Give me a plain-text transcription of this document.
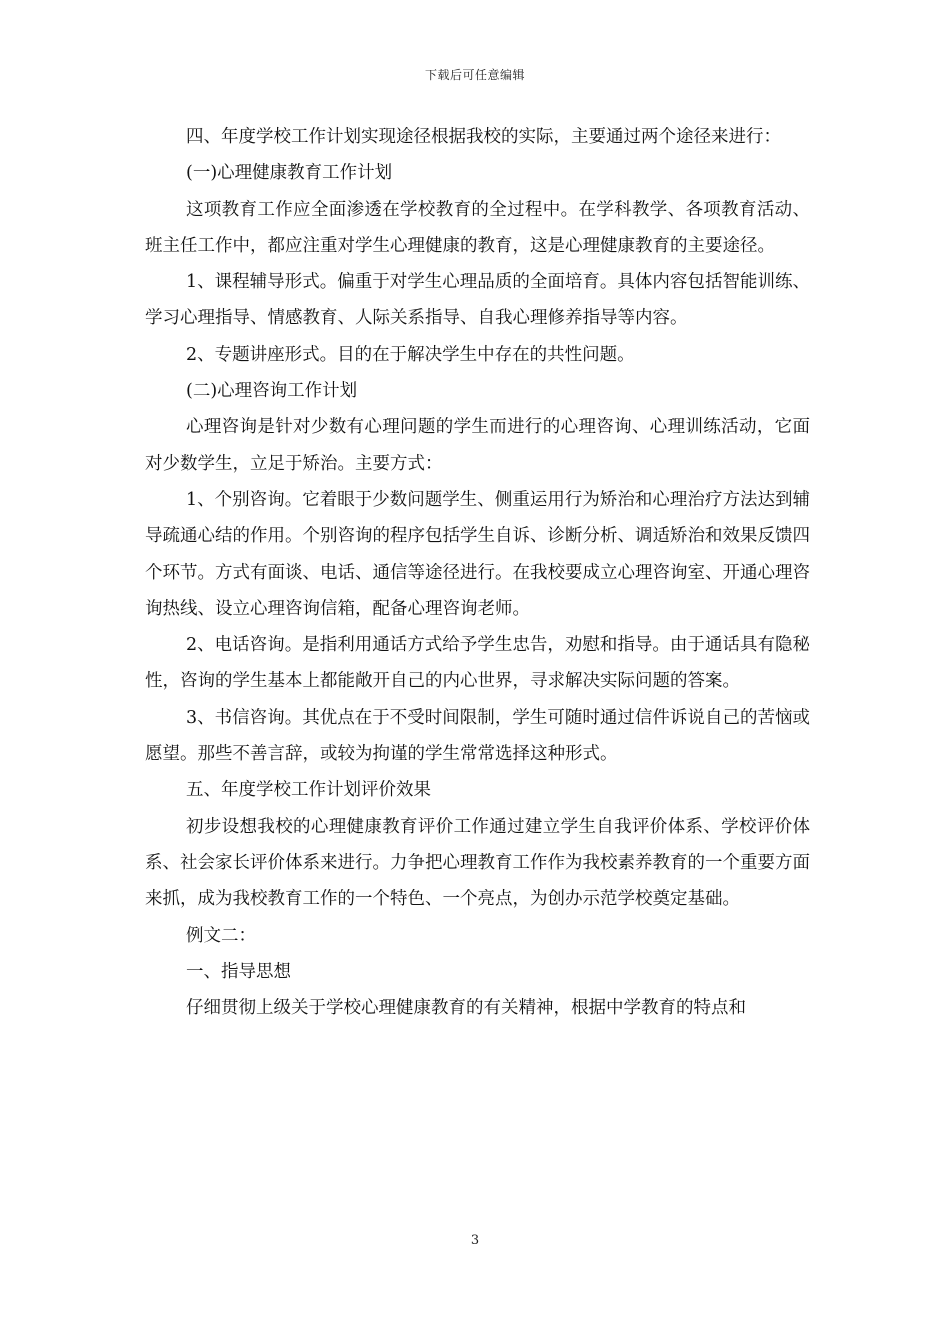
下载后可任意编辑

四、年度学校工作计划实现途径根据我校的实际，主要通过两个途径来进行：

(一)心理健康教育工作计划

这项教育工作应全面渗透在学校教育的全过程中。在学科教学、各项教育活动、班主任工作中，都应注重对学生心理健康的教育，这是心理健康教育的主要途径。

1、课程辅导形式。偏重于对学生心理品质的全面培育。具体内容包括智能训练、学习心理指导、情感教育、人际关系指导、自我心理修养指导等内容。

2、专题讲座形式。目的在于解决学生中存在的共性问题。

(二)心理咨询工作计划

心理咨询是针对少数有心理问题的学生而进行的心理咨询、心理训练活动，它面对少数学生，立足于矫治。主要方式：

1、个别咨询。它着眼于少数问题学生、侧重运用行为矫治和心理治疗方法达到辅导疏通心结的作用。个别咨询的程序包括学生自诉、诊断分析、调适矫治和效果反馈四个环节。方式有面谈、电话、通信等途径进行。在我校要成立心理咨询室、开通心理咨询热线、设立心理咨询信箱，配备心理咨询老师。

2、电话咨询。是指利用通话方式给予学生忠告，劝慰和指导。由于通话具有隐秘性，咨询的学生基本上都能敞开自己的内心世界，寻求解决实际问题的答案。

3、书信咨询。其优点在于不受时间限制，学生可随时通过信件诉说自己的苦恼或愿望。那些不善言辞，或较为拘谨的学生常常选择这种形式。

五、年度学校工作计划评价效果

初步设想我校的心理健康教育评价工作通过建立学生自我评价体系、学校评价体系、社会家长评价体系来进行。力争把心理教育工作作为我校素养教育的一个重要方面来抓，成为我校教育工作的一个特色、一个亮点，为创办示范学校奠定基础。

例文二：

一、指导思想

仔细贯彻上级关于学校心理健康教育的有关精神，根据中学教育的特点和

3
